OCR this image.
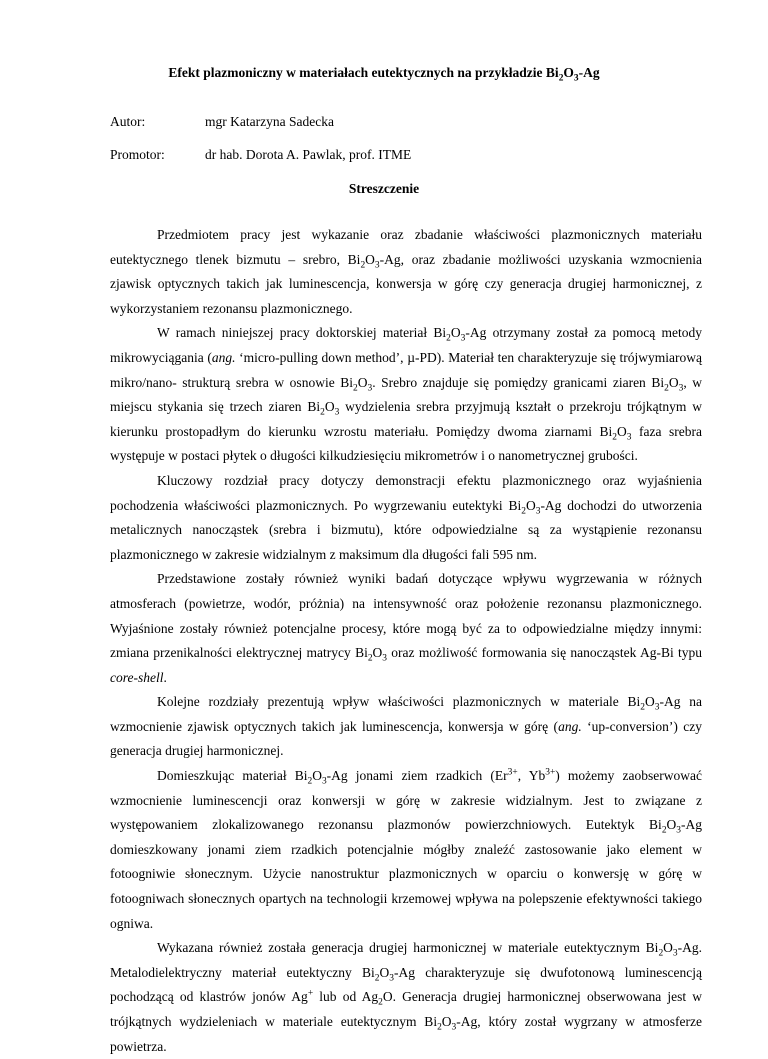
Efekt plazmoniczny w materiałach eutektycznych na przykładzie $Bi_2O_3-Ag$
Autor:	mgr Katarzyna Sadecka
Promotor:	dr hab. Dorota A. Pawlak, prof. ITME
Streszczenie

Przedmiotem pracy jest wykazanie oraz zbadanie właściwości plazmonicznych materiału eutektycznego tlenek bizmutu – srebro, $Bi_2O_3-Ag$, oraz zbadanie możliwości uzyskania wzmocnienia zjawisk optycznych takich jak luminescencja, konwersja w górę czy generacja drugiej harmonicznej, z wykorzystaniem rezonansu plazmonicznego.

W ramach niniejszej pracy doktorskiej materiał $Bi_2O_3-Ag$ otrzymany został za pomocą metody mikrowyciągania (ang. ‘micro-pulling down method’, µ-PD). Materiał ten charakteryzuje się trójwymiarową mikro/nano- strukturą srebra w osnowie $Bi_2O_3$. Srebro znajduje się pomiędzy granicami ziaren $Bi_2O_3$, w miejscu stykania się trzech ziaren $Bi_2O_3$ wydzielenia srebra przyjmują kształt o przekroju trójkątnym w kierunku prostopadłym do kierunku wzrostu materiału. Pomiędzy dwoma ziarnami $Bi_2O_3$ faza srebra występuje w postaci płytek o długości kilkudziesięciu mikrometrów i o nanometrycznej grubości.

Kluczowy rozdział pracy dotyczy demonstracji efektu plazmonicznego oraz wyjaśnienia pochodzenia właściwości plazmonicznych. Po wygrzewaniu eutektyki $Bi_2O_3-Ag$ dochodzi do utworzenia metalicznych nanocząstek (srebra i bizmutu), które odpowiedzialne są za wystąpienie rezonansu plazmonicznego w zakresie widzialnym z maksimum dla długości fali 595 nm.

Przedstawione zostały również wyniki badań dotyczące wpływu wygrzewania w różnych atmosferach (powietrze, wodór, próżnia) na intensywność oraz położenie rezonansu plazmonicznego. Wyjaśnione zostały również potencjalne procesy, które mogą być za to odpowiedzialne między innymi: zmiana przenikalności elektrycznej matrycy $Bi_2O_3$ oraz możliwość formowania się nanocząstek Ag-Bi typu core-shell.

Kolejne rozdziały prezentują wpływ właściwości plazmonicznych w materiale $Bi_2O_3-Ag$ na wzmocnienie zjawisk optycznych takich jak luminescencja, konwersja w górę (ang. ‘up-conversion’) czy generacja drugiej harmonicznej.

Domieszkując materiał $Bi_2O_3-Ag$ jonami ziem rzadkich ($Er^{3+}$, $Yb^{3+}$) możemy zaobserwować wzmocnienie luminescencji oraz konwersji w górę w zakresie widzialnym. Jest to związane z występowaniem zlokalizowanego rezonansu plazmonów powierzchniowych. Eutektyk $Bi_2O_3-Ag$ domieszkowany jonami ziem rzadkich potencjalnie mógłby znaleźć zastosowanie jako element w fotoogniwie słonecznym. Użycie nanostruktur plazmonicznych w oparciu o konwersję w górę w fotoogniwach słonecznych opartych na technologii krzemowej wpływa na polepszenie efektywności takiego ogniwa.

Wykazana również została generacja drugiej harmonicznej w materiale eutektycznym $Bi_2O_3-Ag$. Metalodielektryczny materiał eutektyczny $Bi_2O_3-Ag$ charakteryzuje się dwufotonową luminescencją pochodzącą od klastrów jonów Ag+ lub od $Ag_2O$. Generacja drugiej harmonicznej obserwowana jest w trójkątnych wydzieleniach w materiale eutektycznym $Bi_2O_3-Ag$, który został wygrzany w atmosferze powietrza.
